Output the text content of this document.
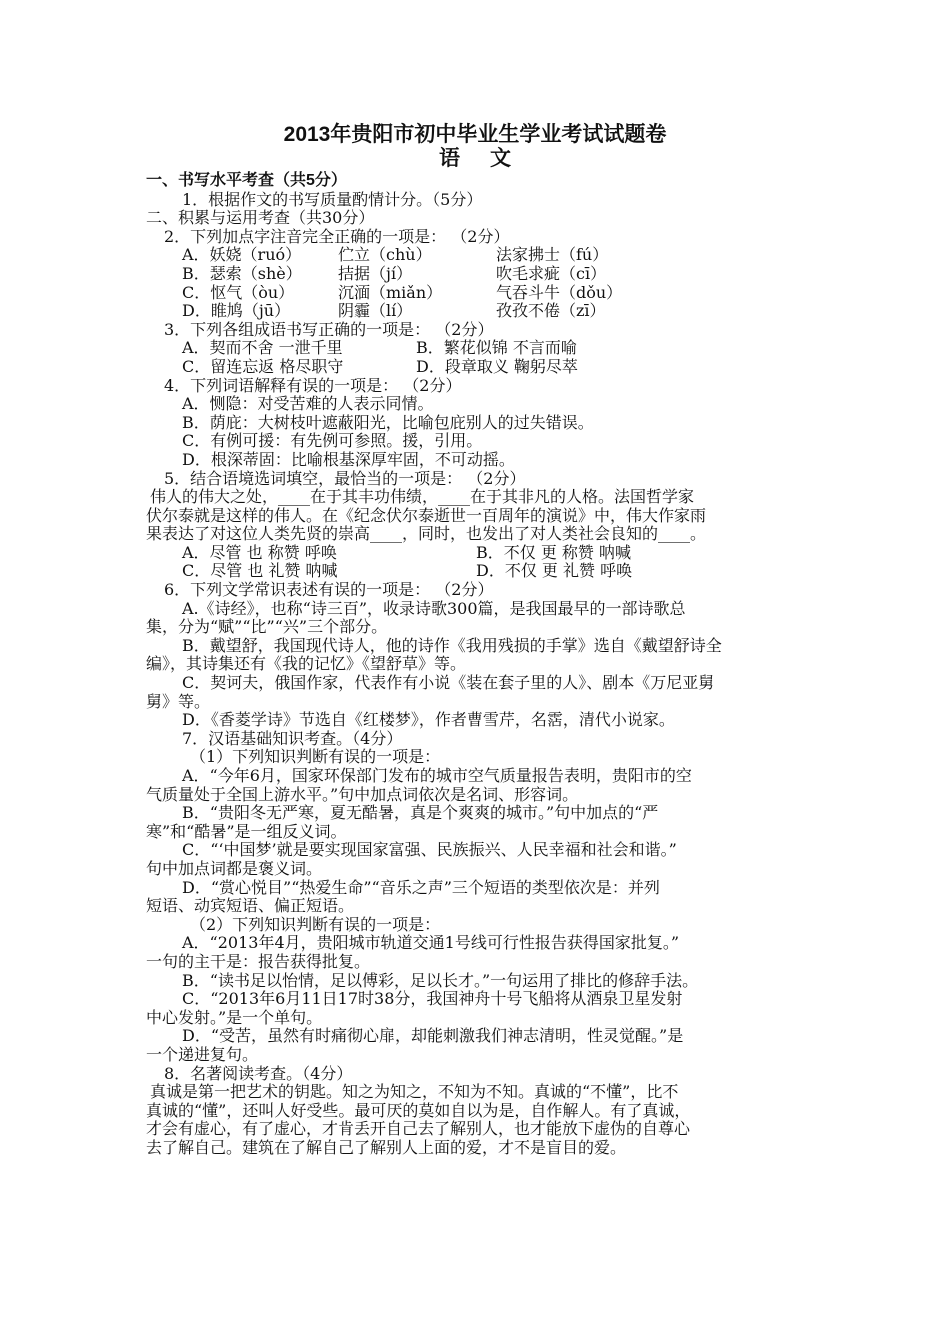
2013年贵阳市初中毕业生学业考试试题卷
语文
一、书写水平考查（共5分）
1．根据作文的书写质量酌情计分。（5分）
二、积累与运用考查（共30分）
2．下列加点字注音完全正确的一项是： （2分）
A．妖娆（ruó） 伫立（chù）	法家拂士（fú）
B．瑟索（shè） 拮据（jí）	吹毛求疵（cī）
C．怄气（òu）	沉湎（miǎn）	气吞斗牛（dǒu）
D．睢鸠（jū）	阴霾（lí）	孜孜不倦（zī）
3．下列各组成语书写正确的一项是： （2分）
A．契而不舍 一泄千里	B．繁花似锦 不言而喻
C．留连忘返 格尽职守	D．段章取义 鞠躬尽萃
4．下列词语解释有误的一项是： （2分）
A．恻隐：对受苦难的人表示同情。
B．荫庇：大树枝叶遮蔽阳光，比喻包庇别人的过失错误。
C．有例可援：有先例可参照。援，引用。
D．根深蒂固：比喻根基深厚牢固，不可动摇。
5．结合语境选词填空，最恰当的一项是： （2分）
伟人的伟大之处，____在于其丰功伟绩，____在于其非凡的人格。法国哲学家
伏尔泰就是这样的伟人。在《纪念伏尔泰逝世一百周年的演说》中，伟大作家雨
果表达了对这位人类先贤的崇高____，同时，也发出了对人类社会良知的____。
A．尽管 也 称赞 呼唤	B．不仅 更 称赞 呐喊
C．尽管 也 礼赞 呐喊	D．不仅 更 礼赞 呼唤
6．下列文学常识表述有误的一项是： （2分）
A.《诗经》，也称“诗三百”，收录诗歌300篇，是我国最早的一部诗歌总
集，分为“赋”“比”“兴”三个部分。
B．戴望舒，我国现代诗人，他的诗作《我用残损的手掌》选自《戴望舒诗全
编》，其诗集还有《我的记忆》《望舒草》等。
C．契诃夫，俄国作家，代表作有小说《装在套子里的人》、剧本《万尼亚舅
舅》等。
D．《香菱学诗》节选自《红楼梦》，作者曹雪芹，名霑，清代小说家。
7．汉语基础知识考查。（4分）
（1）下列知识判断有误的一项是：
A．“今年6月，国家环保部门发布的城市空气质量报告表明，贵阳市的空
气质量处于全国上游水平。”句中加点词依次是名词、形容词。
B．“贵阳冬无严寒，夏无酷暑，真是个爽爽的城市。”句中加点的“严
寒”和“酷暑”是一组反义词。
C．“‘中国梦’就是要实现国家富强、民族振兴、人民幸福和社会和谐。”
句中加点词都是褒义词。
D．“赏心悦目”“热爱生命”“音乐之声”三个短语的类型依次是：并列
短语、动宾短语、偏正短语。
（2）下列知识判断有误的一项是：
A．“2013年4月，贵阳城市轨道交通1号线可行性报告获得国家批复。”
一句的主干是：报告获得批复。
B．“读书足以怡情，足以傅彩，足以长才。”一句运用了排比的修辞手法。
C．“2013年6月11日17时38分，我国神舟十号飞船将从酒泉卫星发射
中心发射。”是一个单句。
D．“受苦，虽然有时痛彻心扉，却能刺激我们神志清明，性灵觉醒。”是
一个递进复句。
8．名著阅读考查。（4分）
真诚是第一把艺术的钥匙。知之为知之，不知为不知。真诚的“不懂”，比不
真诚的“懂”，还叫人好受些。最可厌的莫如自以为是，自作解人。有了真诚，
才会有虚心，有了虚心，才肯丢开自己去了解别人，也才能放下虚伪的自尊心
去了解自己。建筑在了解自己了解别人上面的爱，才不是盲目的爱。
